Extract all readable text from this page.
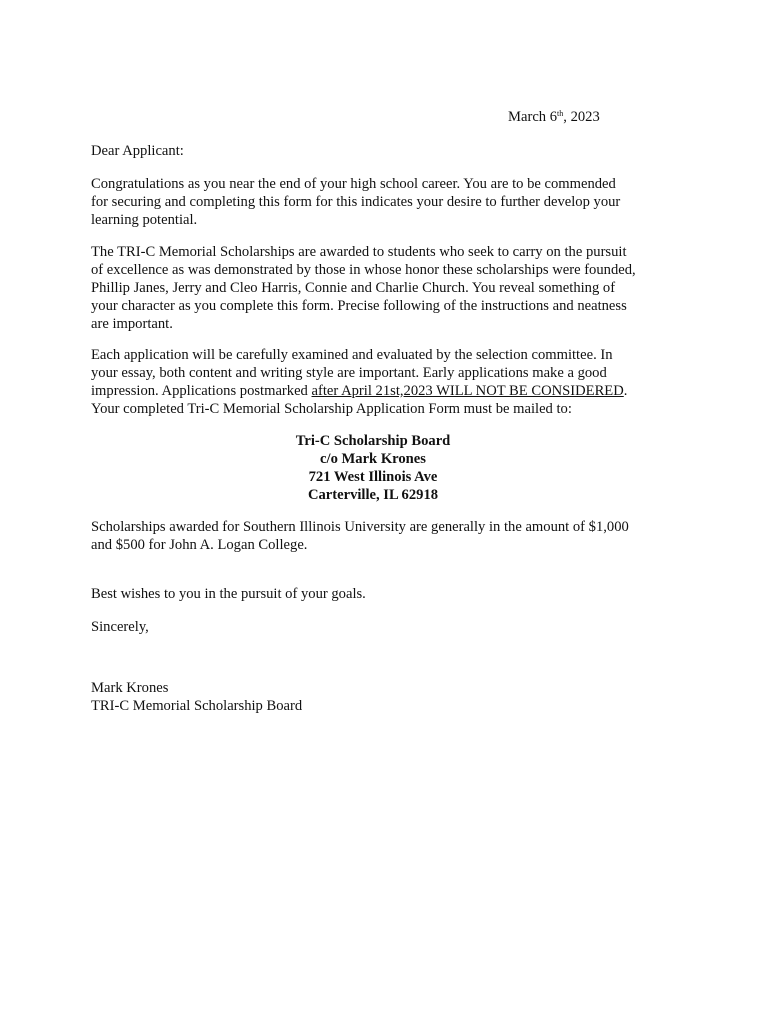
March 6th, 2023
Dear Applicant:
Congratulations as you near the end of your high school career. You are to be commended
for securing and completing this form for this indicates your desire to further develop your
learning potential.
The TRI-C Memorial Scholarships are awarded to students who seek to carry on the pursuit
of excellence as was demonstrated by those in whose honor these scholarships were founded,
Phillip Janes, Jerry and Cleo Harris, Connie and Charlie Church. You reveal something of
your character as you complete this form. Precise following of the instructions and neatness
are important.
Each application will be carefully examined and evaluated by the selection committee. In
your essay, both content and writing style are important. Early applications make a good
impression. Applications postmarked after April 21st,2023 WILL NOT BE CONSIDERED.
Your completed Tri-C Memorial Scholarship Application Form must be mailed to:
Tri-C Scholarship Board
c/o Mark Krones
721 West Illinois Ave
Carterville, IL 62918
Scholarships awarded for Southern Illinois University are generally in the amount of $1,000
and $500 for John A. Logan College.
Best wishes to you in the pursuit of your goals.
Sincerely,
Mark Krones
TRI-C Memorial Scholarship Board
